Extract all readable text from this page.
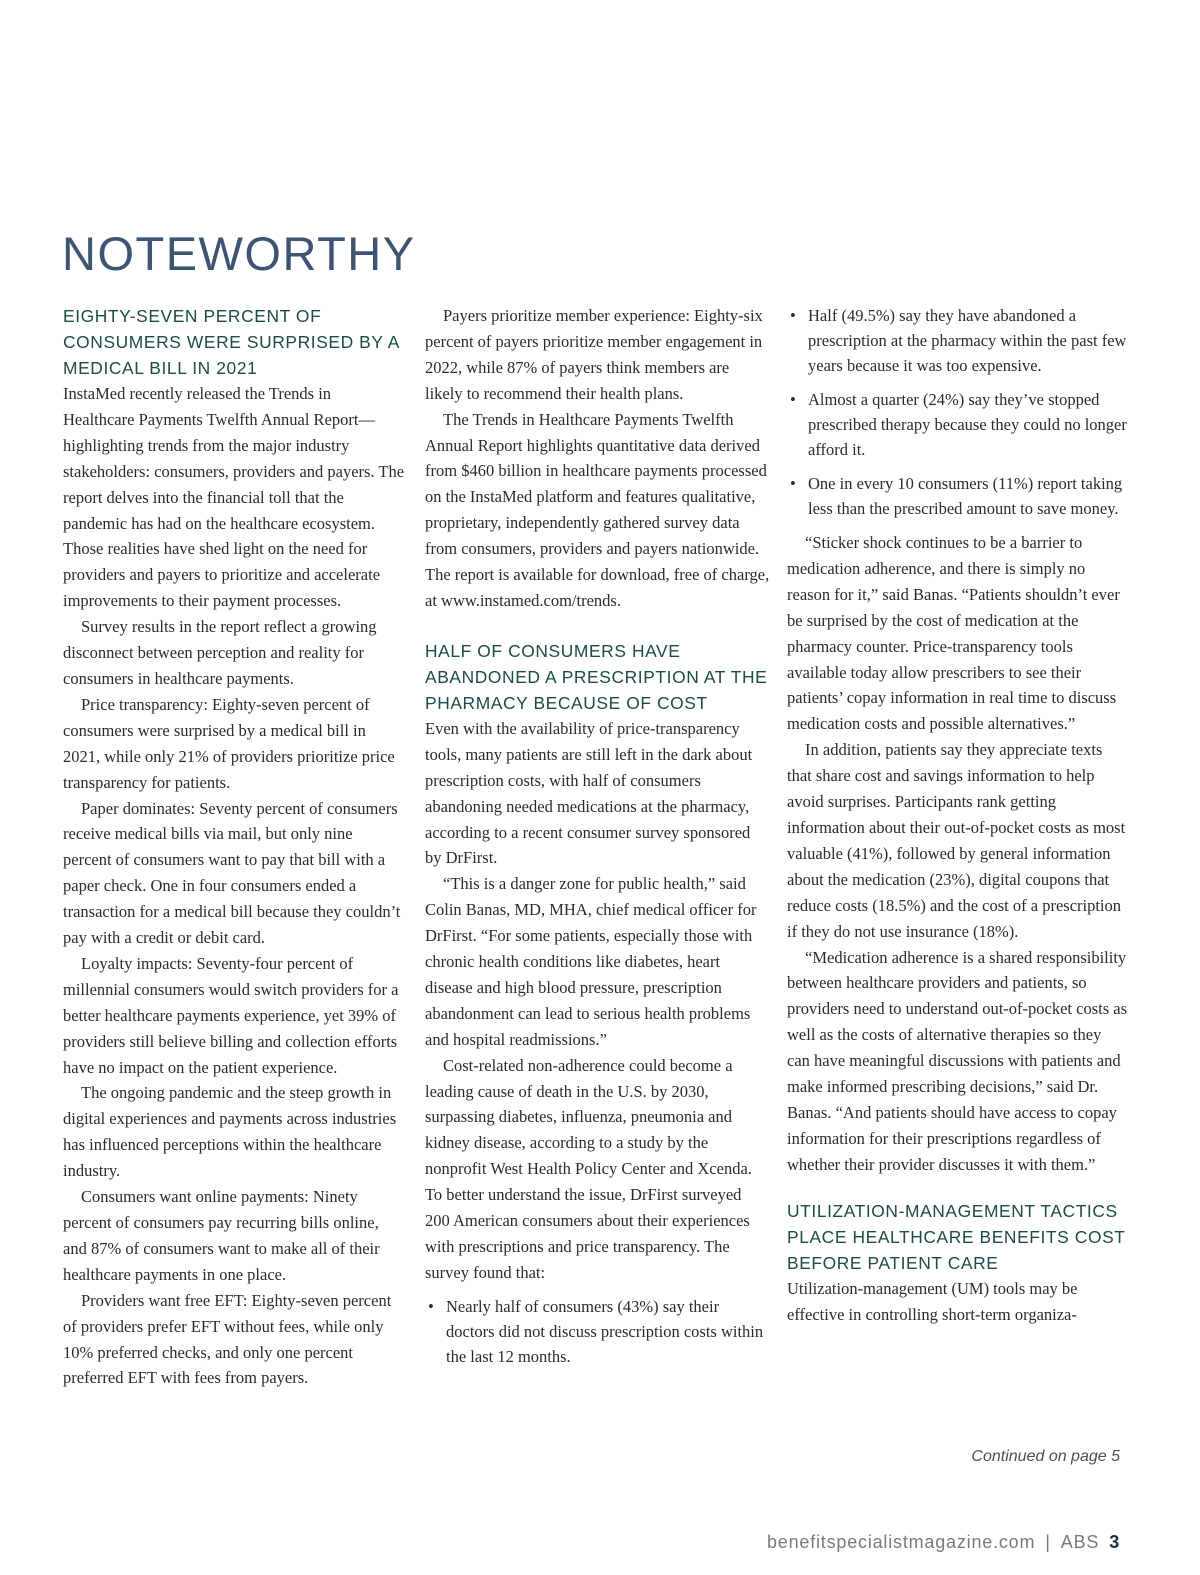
NOTEWORTHY
EIGHTY-SEVEN PERCENT OF CONSUMERS WERE SURPRISED BY A MEDICAL BILL IN 2021

InstaMed recently released the Trends in Healthcare Payments Twelfth Annual Report—highlighting trends from the major industry stakeholders: consumers, providers and payers. The report delves into the financial toll that the pandemic has had on the healthcare ecosystem. Those realities have shed light on the need for providers and payers to prioritize and accelerate improvements to their payment processes.

Survey results in the report reflect a growing disconnect between perception and reality for consumers in healthcare payments.

Price transparency: Eighty-seven percent of consumers were surprised by a medical bill in 2021, while only 21% of providers prioritize price transparency for patients.

Paper dominates: Seventy percent of consumers receive medical bills via mail, but only nine percent of consumers want to pay that bill with a paper check. One in four consumers ended a transaction for a medical bill because they couldn’t pay with a credit or debit card.

Loyalty impacts: Seventy-four percent of millennial consumers would switch providers for a better healthcare payments experience, yet 39% of providers still believe billing and collection efforts have no impact on the patient experience.

The ongoing pandemic and the steep growth in digital experiences and payments across industries has influenced perceptions within the healthcare industry.

Consumers want online payments: Ninety percent of consumers pay recurring bills online, and 87% of consumers want to make all of their healthcare payments in one place.

Providers want free EFT: Eighty-seven percent of providers prefer EFT without fees, while only 10% preferred checks, and only one percent preferred EFT with fees from payers.

Payers prioritize member experience: Eighty-six percent of payers prioritize member engagement in 2022, while 87% of payers think members are likely to recommend their health plans.

The Trends in Healthcare Payments Twelfth Annual Report highlights quantitative data derived from $460 billion in healthcare payments processed on the InstaMed platform and features qualitative, proprietary, independently gathered survey data from consumers, providers and payers nationwide. The report is available for download, free of charge, at www.instamed.com/trends.

HALF OF CONSUMERS HAVE ABANDONED A PRESCRIPTION AT THE PHARMACY BECAUSE OF COST

Even with the availability of price-transparency tools, many patients are still left in the dark about prescription costs, with half of consumers abandoning needed medications at the pharmacy, according to a recent consumer survey sponsored by DrFirst.

“This is a danger zone for public health,” said Colin Banas, MD, MHA, chief medical officer for DrFirst. “For some patients, especially those with chronic health conditions like diabetes, heart disease and high blood pressure, prescription abandonment can lead to serious health problems and hospital readmissions.”

Cost-related non-adherence could become a leading cause of death in the U.S. by 2030, surpassing diabetes, influenza, pneumonia and kidney disease, according to a study by the nonprofit West Health Policy Center and Xcenda. To better understand the issue, DrFirst surveyed 200 American consumers about their experiences with prescriptions and price transparency. The survey found that:

• Nearly half of consumers (43%) say their doctors did not discuss prescription costs within the last 12 months.
• Half (49.5%) say they have abandoned a prescription at the pharmacy within the past few years because it was too expensive.
• Almost a quarter (24%) say they’ve stopped prescribed therapy because they could no longer afford it.
• One in every 10 consumers (11%) report taking less than the prescribed amount to save money.

“Sticker shock continues to be a barrier to medication adherence, and there is simply no reason for it,” said Banas. “Patients shouldn’t ever be surprised by the cost of medication at the pharmacy counter. Price-transparency tools available today allow prescribers to see their patients’ copay information in real time to discuss medication costs and possible alternatives.”

In addition, patients say they appreciate texts that share cost and savings information to help avoid surprises. Participants rank getting information about their out-of-pocket costs as most valuable (41%), followed by general information about the medication (23%), digital coupons that reduce costs (18.5%) and the cost of a prescription if they do not use insurance (18%).

“Medication adherence is a shared responsibility between healthcare providers and patients, so providers need to understand out-of-pocket costs as well as the costs of alternative therapies so they can have meaningful discussions with patients and make informed prescribing decisions,” said Dr. Banas. “And patients should have access to copay information for their prescriptions regardless of whether their provider discusses it with them.”

UTILIZATION-MANAGEMENT TACTICS PLACE HEALTHCARE BENEFITS COST BEFORE PATIENT CARE

Utilization-management (UM) tools may be effective in controlling short-term organiza-

Continued on page 5
benefitspecialistmagazine.com | ABS 3
